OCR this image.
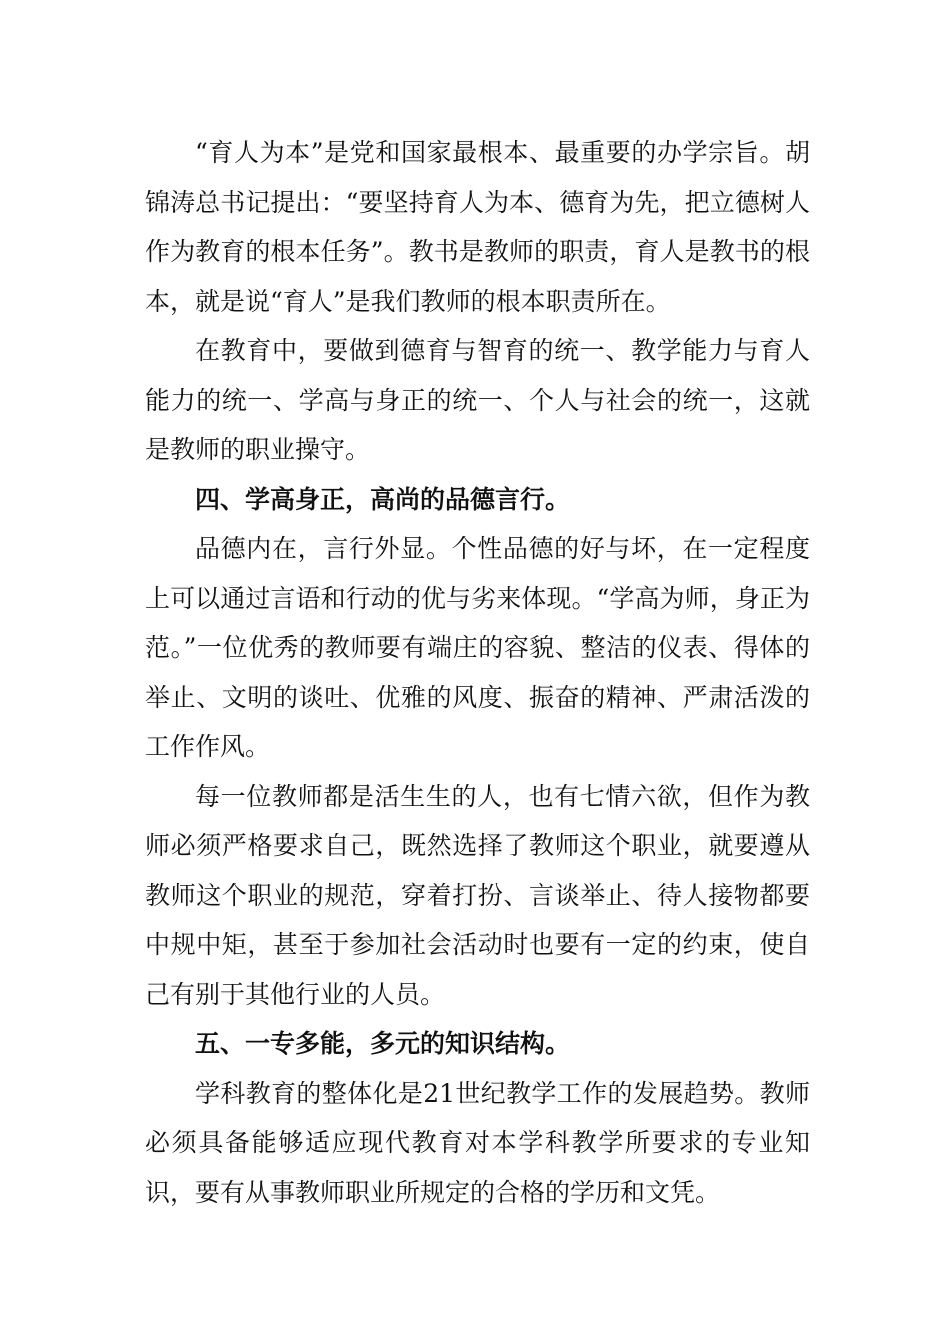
“育人为本”是党和国家最根本、最重要的办学宗旨。胡锦涛总书记提出：“要坚持育人为本、德育为先，把立德树人作为教育的根本任务”。教书是教师的职责，育人是教书的根本，就是说“育人”是我们教师的根本职责所在。

在教育中，要做到德育与智育的统一、教学能力与育人能力的统一、学高与身正的统一、个人与社会的统一，这就是教师的职业操守。

四、学高身正，高尚的品德言行。

品德内在，言行外显。个性品德的好与坏，在一定程度上可以通过言语和行动的优与劣来体现。“学高为师，身正为范。”一位优秀的教师要有端庄的容貌、整洁的仪表、得体的举止、文明的谈吐、优雅的风度、振奋的精神、严肃活泼的工作作风。

每一位教师都是活生生的人，也有七情六欲，但作为教师必须严格要求自己，既然选择了教师这个职业，就要遵从教师这个职业的规范，穿着打扮、言谈举止、待人接物都要中规中矩，甚至于参加社会活动时也要有一定的约束，使自己有别于其他行业的人员。

五、一专多能，多元的知识结构。

学科教育的整体化是21世纪教学工作的发展趋势。教师必须具备能够适应现代教育对本学科教学所要求的专业知识，要有从事教师职业所规定的合格的学历和文凭。
